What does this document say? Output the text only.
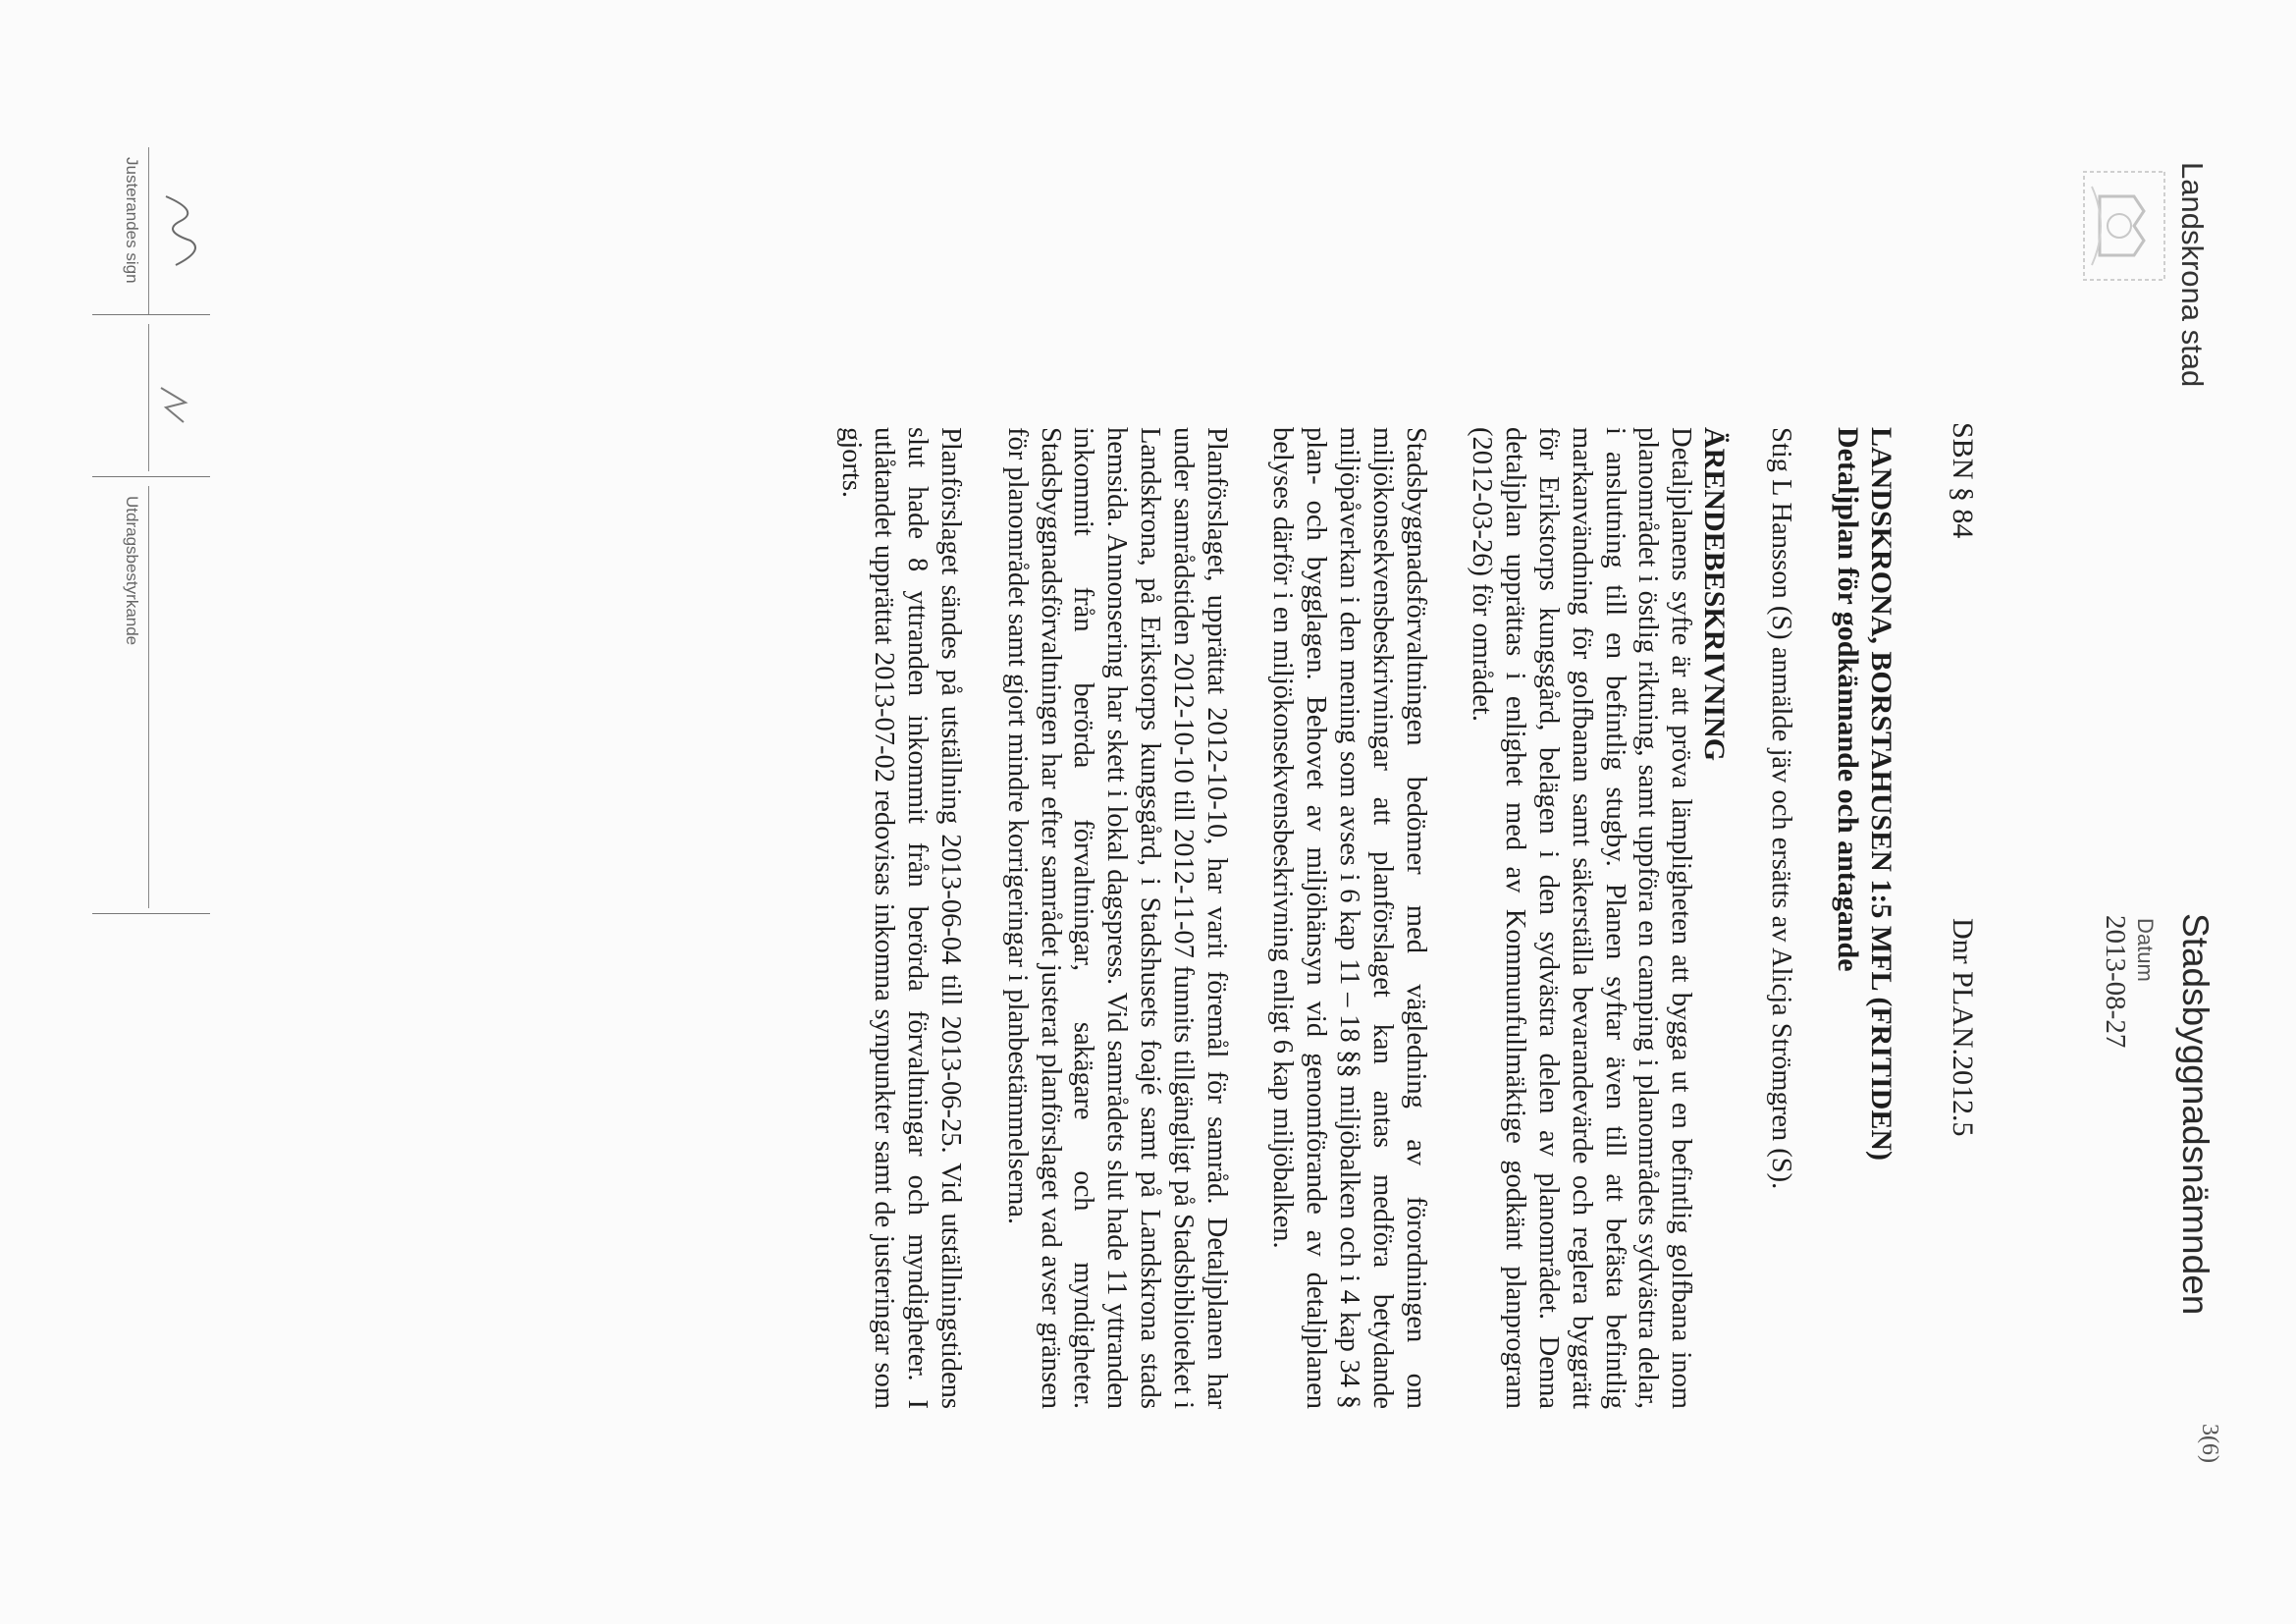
Landskrona stad
Stadsbyggnadsnämnden
Datum
2013-08-27
3(6)
SBN § 84
Dnr PLAN.2012.5

LANDSKRONA, BORSTAHUSEN 1:5 MFL (FRITIDEN)

Detaljplan för godkännande och antagande

Stig L Hansson (S) anmälde jäv och ersätts av Alicja Strömgren (S).

ÄRENDEBESKRIVNING

Detaljplanens syfte är att pröva lämpligheten att bygga ut en befintlig golfbana inom planområdet i östlig riktning, samt uppföra en camping i planområdets sydvästra delar, i anslutning till en befintlig stugby. Planen syftar även till att befästa befintlig markanvändning för golfbanan samt säkerställa bevarandevärde och reglera byggrätt för Erikstorps kungsgård, belägen i den sydvästra delen av planområdet. Denna detaljplan upprättas i enlighet med av Kommunfullmäktige godkänt planprogram (2012-03-26) för området.

Stadsbyggnadsförvaltningen bedömer med vägledning av förordningen om miljökonsekvensbeskrivningar att planförslaget kan antas medföra betydande miljöpåverkan i den mening som avses i 6 kap 11 – 18 §§ miljöbalken och i 4 kap 34 § plan- och bygglagen. Behovet av miljöhänsyn vid genomförande av detaljplanen belyses därför i en miljökonsekvensbeskrivning enligt 6 kap miljöbalken.

Planförslaget, upprättat 2012-10-10, har varit föremål för samråd. Detaljplanen har under samrådstiden 2012-10-10 till 2012-11-07 funnits tillgängligt på Stadsbiblioteket i Landskrona, på Erikstorps kungsgård, i Stadshusets foajé samt på Landskrona stads hemsida. Annonsering har skett i lokal dagspress. Vid samrådets slut hade 11 yttranden inkommit från berörda förvaltningar, sakägare och myndigheter. Stadsbyggnadsförvaltningen har efter samrådet justerat planförslaget vad avser gränsen för planområdet samt gjort mindre korrigeringar i planbestämmelserna.

Planförslaget sändes på utställning 2013-06-04 till 2013-06-25. Vid utställningstidens slut hade 8 yttranden inkommit från berörda förvaltningar och myndigheter. I utlåtandet upprättat 2013-07-02 redovisas inkomna synpunkter samt de justeringar som gjorts.

Justerandes sign
Utdragsbestyrkande
